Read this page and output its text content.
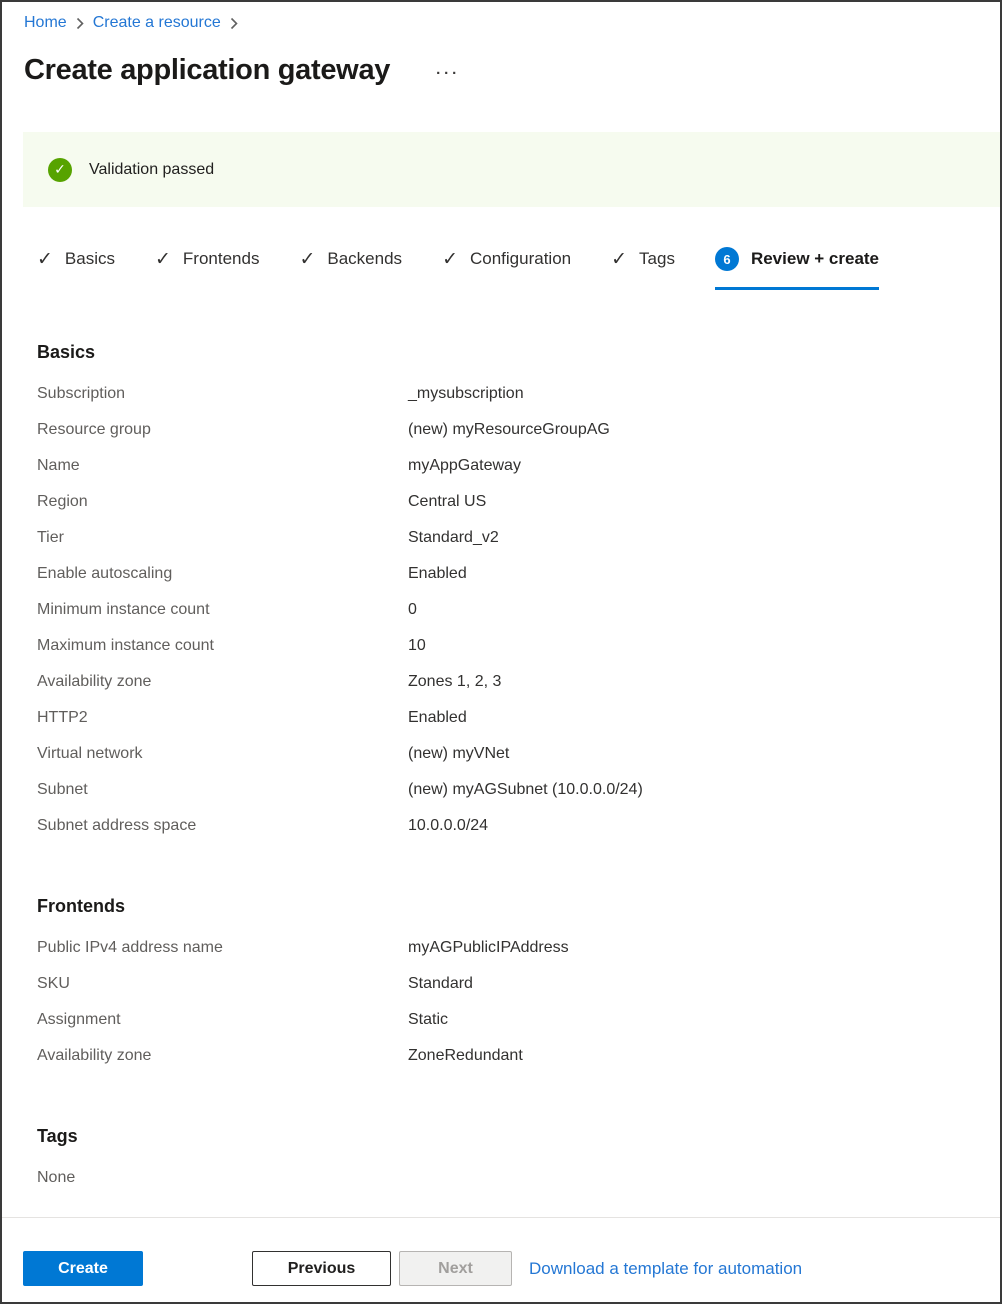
Home Create a resource
Create application gateway	···
✓	Validation passed
✓ Basics ✓ Frontends ✓ Backends ✓ Configuration ✓ Tags	6	Review + create
Basics
Subscription	_mysubscription
Resource group	(new) myResourceGroupAG
Name	myAppGateway
Region	Central US
Tier	Standard_v2
Enable autoscaling	Enabled
Minimum instance count	0
Maximum instance count	10
Availability zone	Zones 1, 2, 3
HTTP2	Enabled
Virtual network	(new) myVNet
Subnet	(new) myAGSubnet (10.0.0.0/24)
Subnet address space	10.0.0.0/24
Frontends
Public IPv4 address name	myAGPublicIPAddress
SKU	Standard
Assignment	Static
Availability zone	ZoneRedundant
Tags
None
Create	Previous	Next	Download a template for automation
